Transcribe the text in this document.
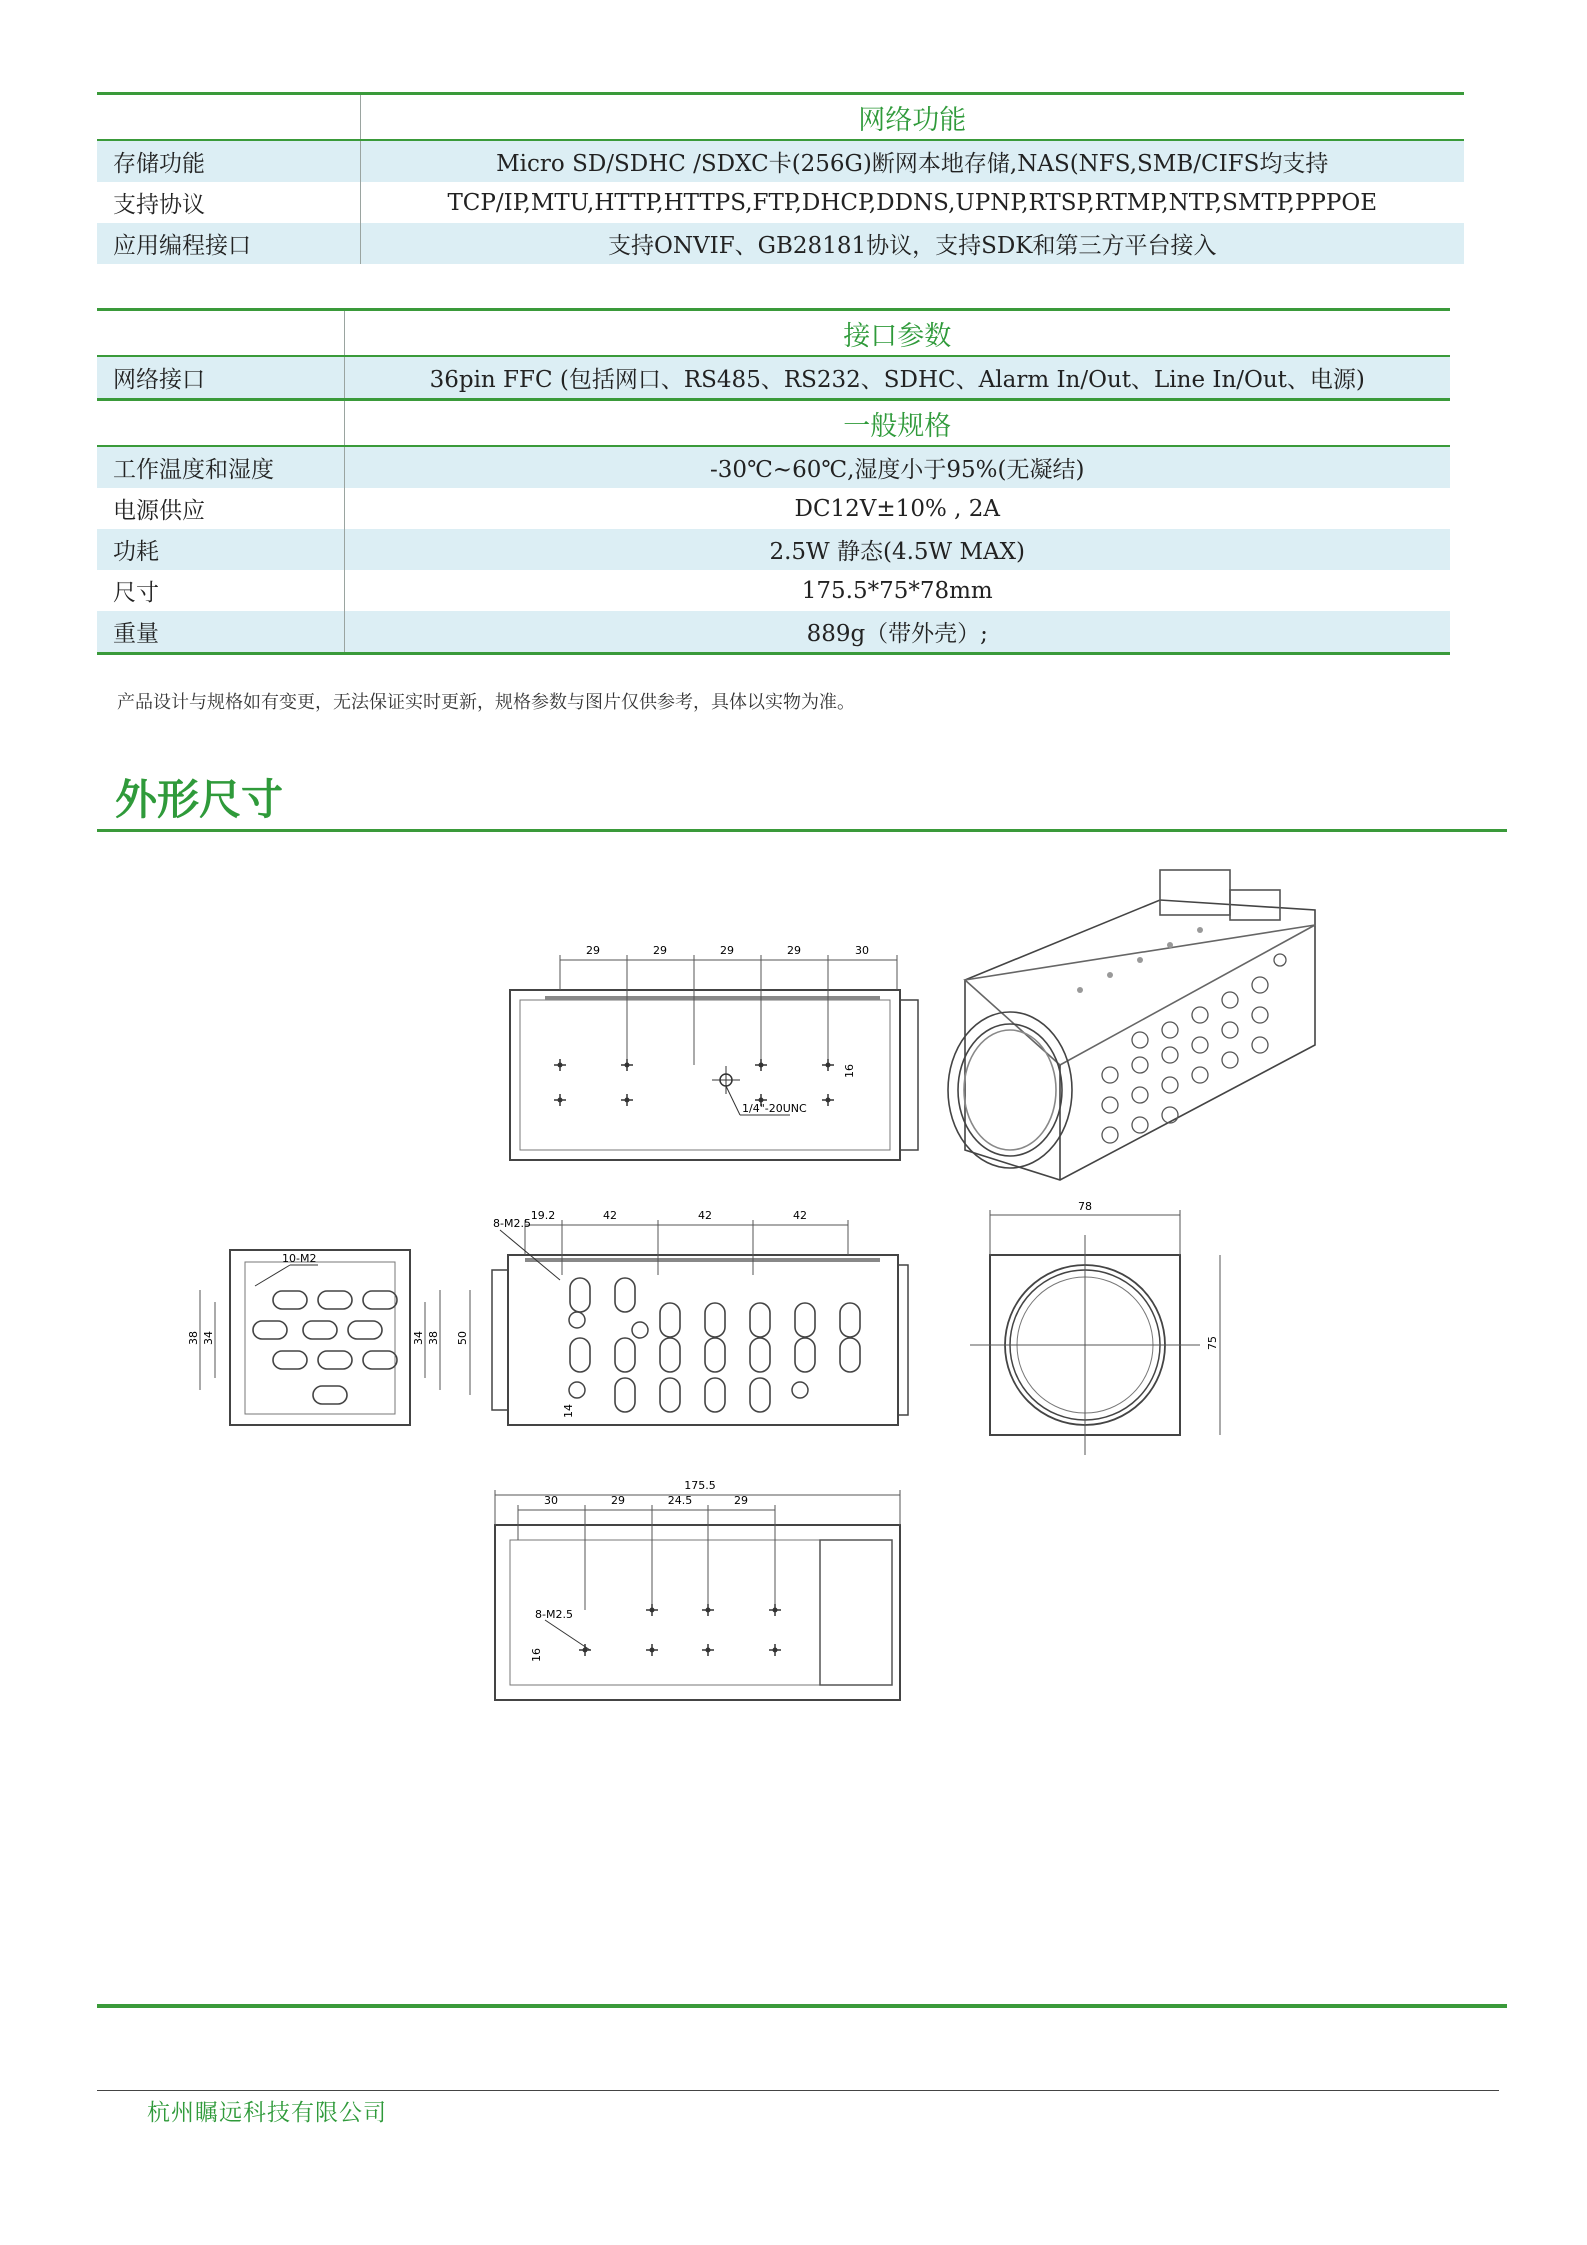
	网络功能
存储功能	Micro SD/SDHC /SDXC卡(256G)断网本地存储,NAS(NFS,SMB/CIFS均支持
支持协议	TCP/IP,MTU,HTTP,HTTPS,FTP,DHCP,DDNS,UPNP,RTSP,RTMP,NTP,SMTP,PPPOE
应用编程接口	支持ONVIF、GB28181协议，支持SDK和第三方平台接入
	接口参数
网络接口	36pin FFC (包括网口、RS485、RS232、SDHC、Alarm In/Out、Line In/Out、电源)
	一般规格
工作温度和湿度	-30℃~60℃,湿度小于95%(无凝结)
电源供应	DC12V±10% , 2A
功耗	2.5W 静态(4.5W MAX)
尺寸	175.5*75*78mm
重量	889g（带外壳）;
产品设计与规格如有变更，无法保证实时更新，规格参数与图片仅供参考，具体以实物为准。
外形尺寸
29	29	29	29	30
1/4"-20UNC
16
10-M2
38 34	34 38
8-M2.5
19.2	42	42	42
50
14
78
75
175.5
30	29	24.5	29
8-M2.5
16
杭州瞩远科技有限公司
